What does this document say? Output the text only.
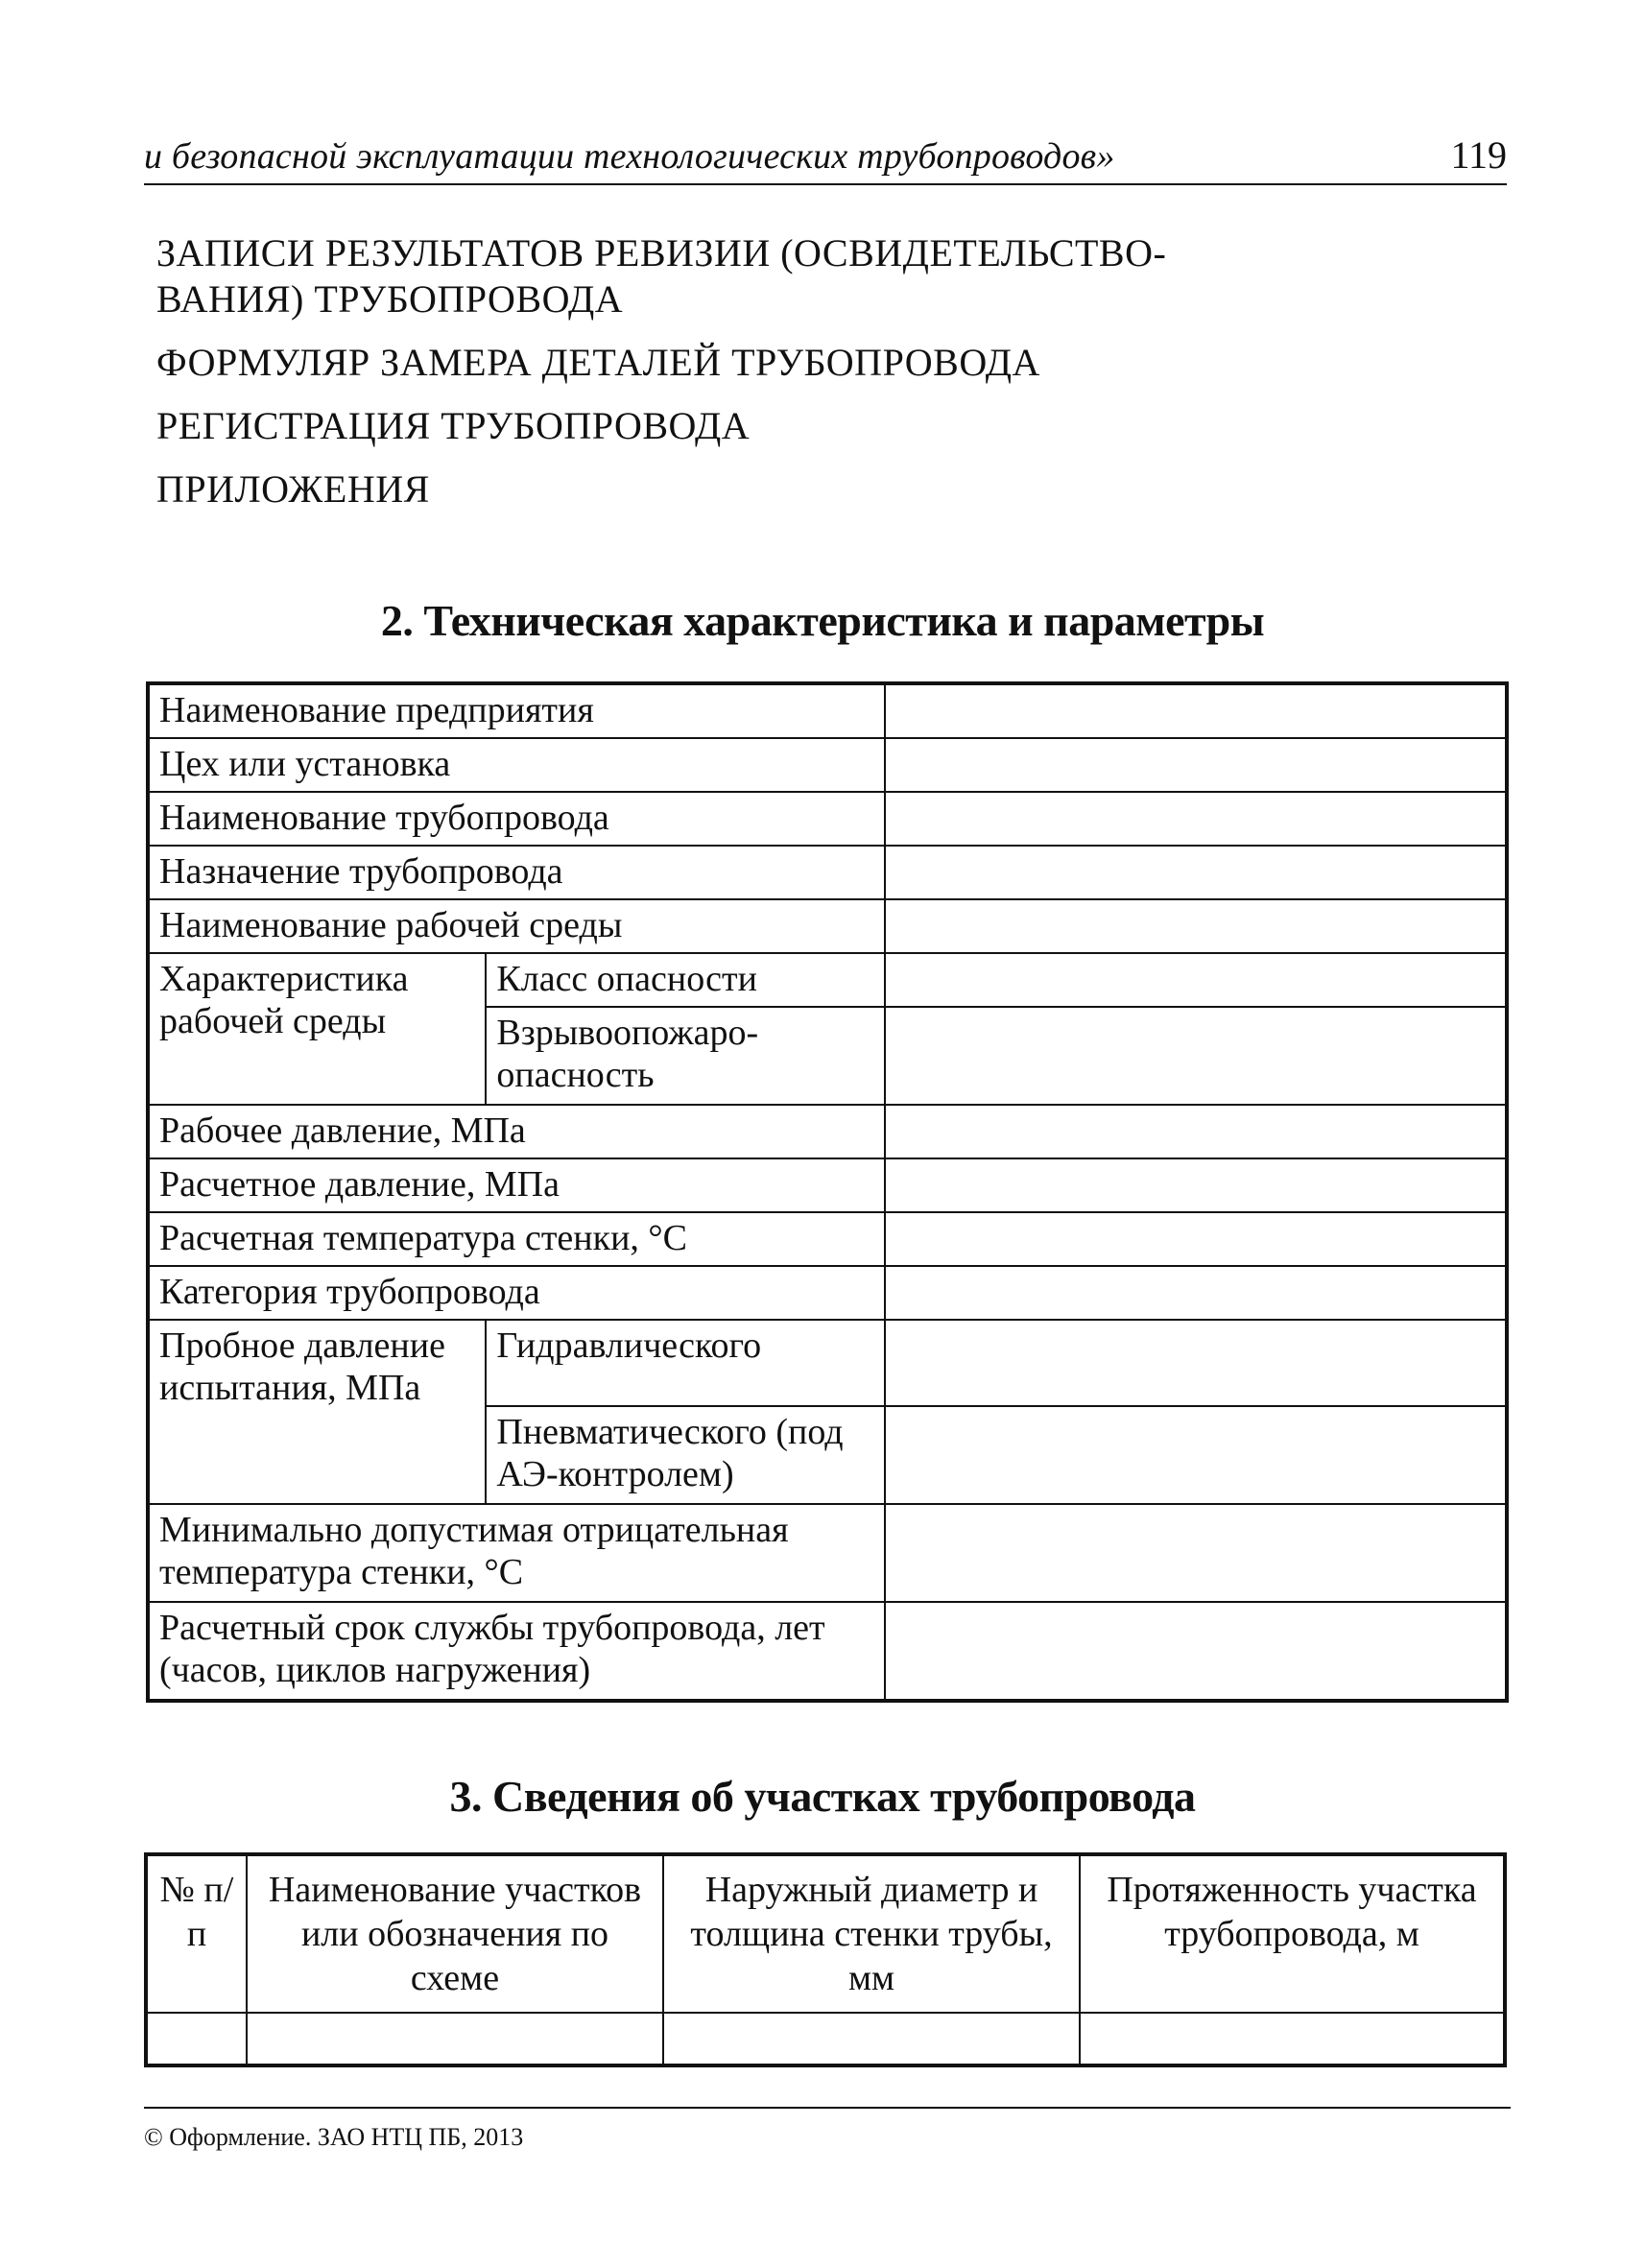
и безопасной эксплуатации технологических трубопроводов»	119
ЗАПИСИ РЕЗУЛЬТАТОВ РЕВИЗИИ (ОСВИДЕТЕЛЬСТВО-ВАНИЯ) ТРУБОПРОВОДА
ФОРМУЛЯР ЗАМЕРА ДЕТАЛЕЙ ТРУБОПРОВОДА
РЕГИСТРАЦИЯ ТРУБОПРОВОДА
ПРИЛОЖЕНИЯ
2. Техническая характеристика и параметры
Наименование предприятия		
Цех или установка		
Наименование трубопровода		
Назначение трубопровода		
Наименование рабочей среды		
Характеристика рабочей среды	Класс опасности	
	Взрывоопожаро-опасность	
Рабочее давление, МПа		
Расчетное давление, МПа		
Расчетная температура стенки, °С		
Категория трубопровода		
Пробное давление испытания, МПа	Гидравлического	
	Пневматического (под АЭ-контролем)	
Минимально допустимая отрицательная температура стенки, °С		
Расчетный срок службы трубопровода, лет (часов, циклов нагружения)		
3. Сведения об участках трубопровода
№ п/п	Наименование участков или обозначения по схеме	Наружный диаметр и толщина стенки трубы, мм	Протяженность участка трубопровода, м

© Оформление. ЗАО НТЦ ПБ, 2013
